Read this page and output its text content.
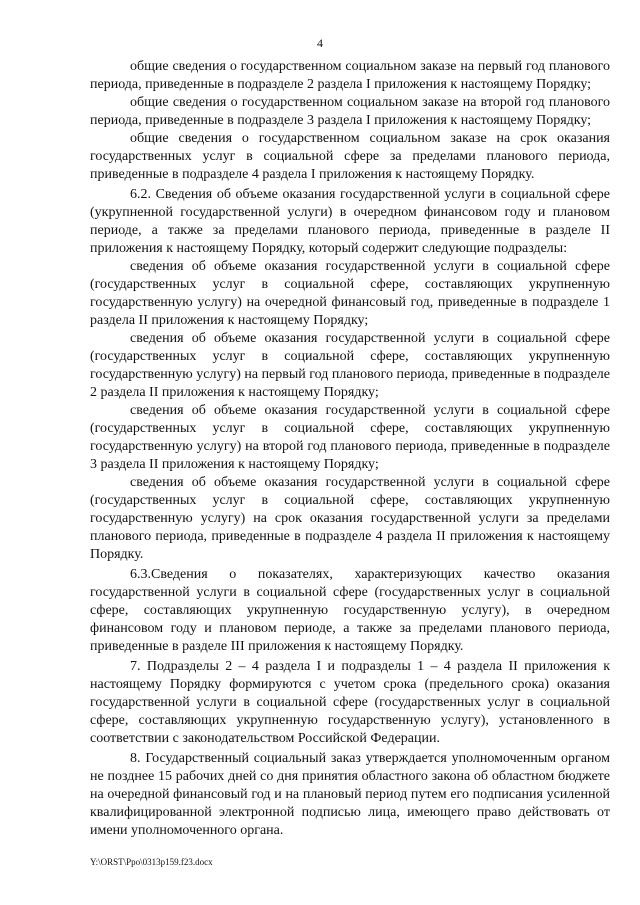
4

общие сведения о государственном социальном заказе на первый год планового периода, приведенные в подразделе 2 раздела I приложения к настоящему Порядку;

общие сведения о государственном социальном заказе на второй год планового периода, приведенные в подразделе 3 раздела I приложения к настоящему Порядку;

общие сведения о государственном социальном заказе на срок оказания государственных услуг в социальной сфере за пределами планового периода, приведенные в подразделе 4 раздела I приложения к настоящему Порядку.

6.2. Сведения об объеме оказания государственной услуги в социальной сфере (укрупненной государственной услуги) в очередном финансовом году и плановом периоде, а также за пределами планового периода, приведенные в разделе II приложения к настоящему Порядку, который содержит следующие подразделы:

сведения об объеме оказания государственной услуги в социальной сфере (государственных услуг в социальной сфере, составляющих укрупненную государственную услугу) на очередной финансовый год, приведенные в подразделе 1 раздела II приложения к настоящему Порядку;

сведения об объеме оказания государственной услуги в социальной сфере (государственных услуг в социальной сфере, составляющих укрупненную государственную услугу) на первый год планового периода, приведенные в подразделе 2 раздела II приложения к настоящему Порядку;

сведения об объеме оказания государственной услуги в социальной сфере (государственных услуг в социальной сфере, составляющих укрупненную государственную услугу) на второй год планового периода, приведенные в подразделе 3 раздела II приложения к настоящему Порядку;

сведения об объеме оказания государственной услуги в социальной сфере (государственных услуг в социальной сфере, составляющих укрупненную государственную услугу) на срок оказания государственной услуги за пределами планового периода, приведенные в подразделе 4 раздела II приложения к настоящему Порядку.

6.3.Сведения о показателях, характеризующих качество оказания государственной услуги в социальной сфере (государственных услуг в социальной сфере, составляющих укрупненную государственную услугу), в очередном финансовом году и плановом периоде, а также за пределами планового периода, приведенные в разделе III приложения к настоящему Порядку.

7. Подразделы 2 – 4 раздела I и подразделы 1 – 4 раздела II приложения к настоящему Порядку формируются с учетом срока (предельного срока) оказания государственной услуги в социальной сфере (государственных услуг в социальной сфере, составляющих укрупненную государственную услугу), установленного в соответствии с законодательством Российской Федерации.

8. Государственный социальный заказ утверждается уполномоченным органом не позднее 15 рабочих дней со дня принятия областного закона об областном бюджете на очередной финансовый год и на плановый период путем его подписания усиленной квалифицированной электронной подписью лица, имеющего право действовать от имени уполномоченного органа.

Y:\ORST\Ppo\0313p159.f23.docx
